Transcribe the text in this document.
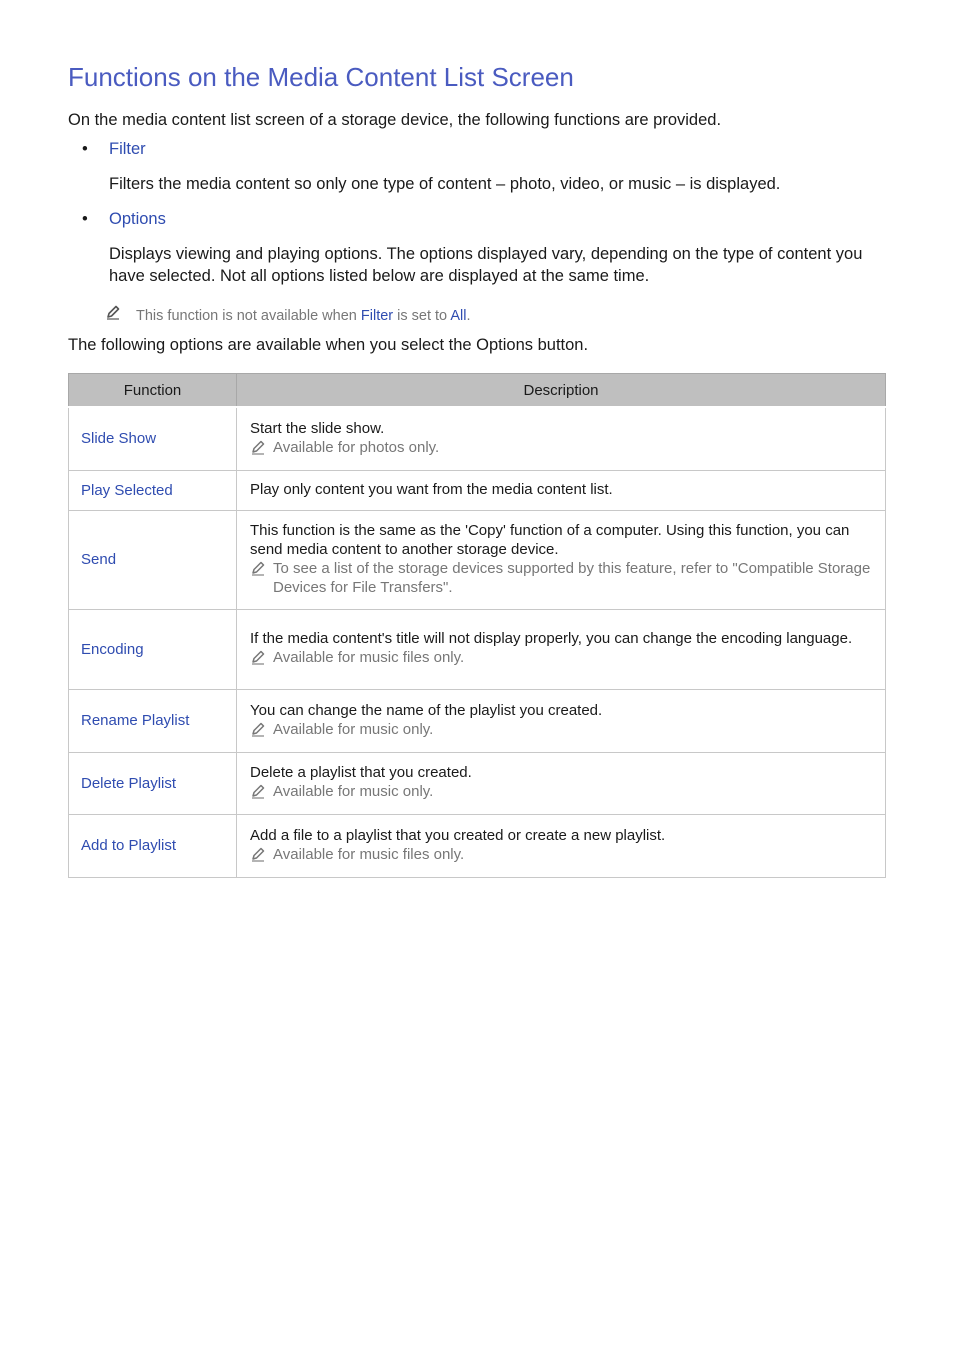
Functions on the Media Content List Screen

On the media content list screen of a storage device, the following functions are provided.

• Filter

Filters the media content so only one type of content – photo, video, or music – is displayed.

• Options

Displays viewing and playing options. The options displayed vary, depending on the type of content you have selected. Not all options listed below are displayed at the same time.

This function is not available when Filter is set to All.

The following options are available when you select the Options button.

Function	Description
Slide Show	Start the slide show.
Available for photos only.

Play Selected	Play only content you want from the media content list.

Send	This function is the same as the 'Copy' function of a computer. Using this function, you can send media content to another storage device.
To see a list of the storage devices supported by this feature, refer to "Compatible Storage Devices for File Transfers".

Encoding	If the media content's title will not display properly, you can change the encoding language.
Available for music files only.

Rename Playlist	You can change the name of the playlist you created.
Available for music only.

Delete Playlist	Delete a playlist that you created.
Available for music only.

Add to Playlist	Add a file to a playlist that you created or create a new playlist.
Available for music files only.
